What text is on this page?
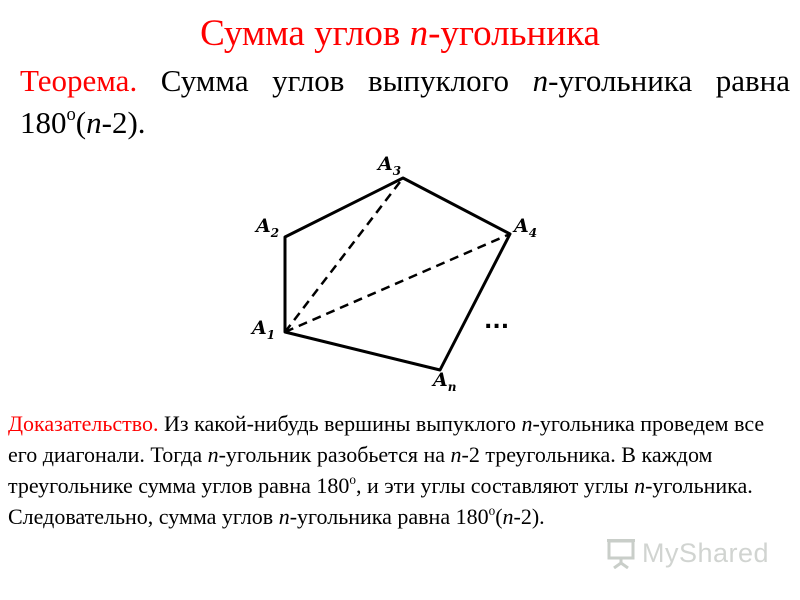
Сумма углов n-угольника
Теорема. Сумма углов выпуклого n-угольника равна 180$^o$(n-2).
$A_1$
$A_2$
$A_3$
$A_4$
$A_n$
...
Доказательство. Из какой-нибудь вершины выпуклого n-угольника проведем все его диагонали. Тогда n-угольник разобьется на n-2 треугольника. В каждом треугольнике сумма углов равна 180$^o$, и эти углы составляют углы n-угольника. Следовательно, сумма углов n-угольника равна 180$^o$(n-2).
MyShared
